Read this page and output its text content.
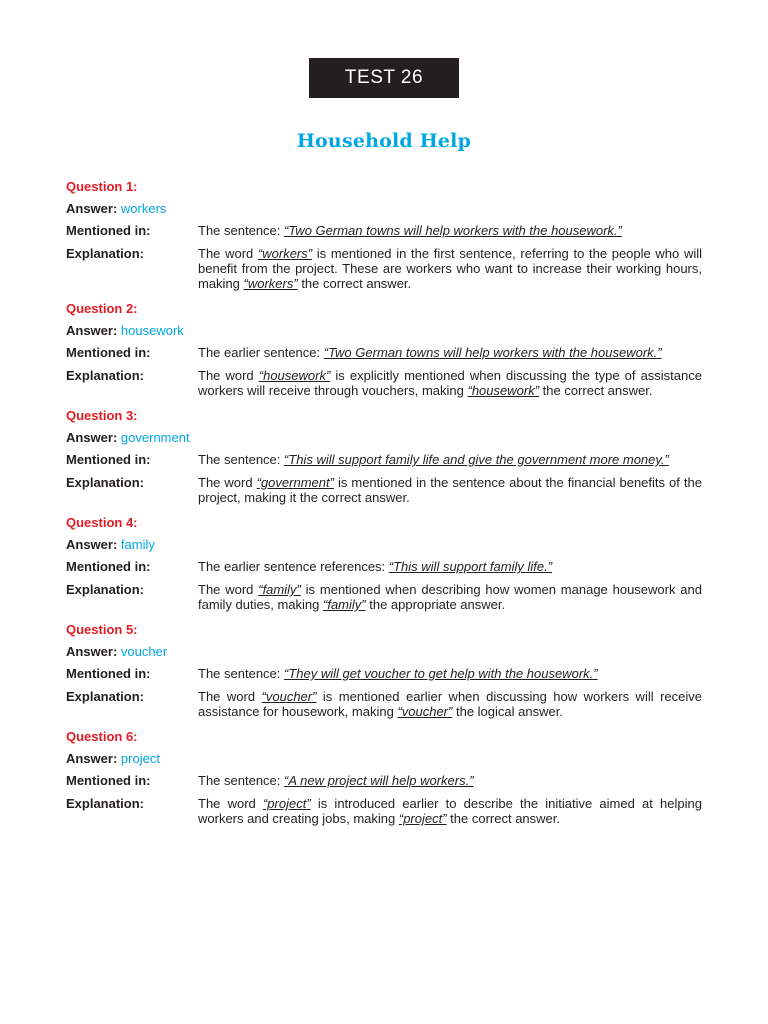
TEST 26
Household Help
Question 1:
Answer: workers
Mentioned in:	The sentence: “Two German towns will help workers with the housework.”
Explanation:	The word “workers” is mentioned in the first sentence, referring to the people who will benefit from the project. These are workers who want to increase their working hours, making “workers” the correct answer.
Question 2:
Answer: housework
Mentioned in:	The earlier sentence: “Two German towns will help workers with the housework.”
Explanation:	The word “housework” is explicitly mentioned when discussing the type of assistance workers will receive through vouchers, making “housework” the correct answer.
Question 3:
Answer: government
Mentioned in:	The sentence: “This will support family life and give the government more money.”
Explanation:	The word “government” is mentioned in the sentence about the financial benefits of the project, making it the correct answer.
Question 4:
Answer: family
Mentioned in:	The earlier sentence references: “This will support family life.”
Explanation:	The word “family” is mentioned when describing how women manage housework and family duties, making “family” the appropriate answer.
Question 5:
Answer: voucher
Mentioned in:	The sentence: “They will get voucher to get help with the housework.”
Explanation:	The word “voucher” is mentioned earlier when discussing how workers will receive assistance for housework, making “voucher” the logical answer.
Question 6:
Answer: project
Mentioned in:	The sentence: “A new project will help workers.”
Explanation:	The word “project” is introduced earlier to describe the initiative aimed at helping workers and creating jobs, making “project” the correct answer.
